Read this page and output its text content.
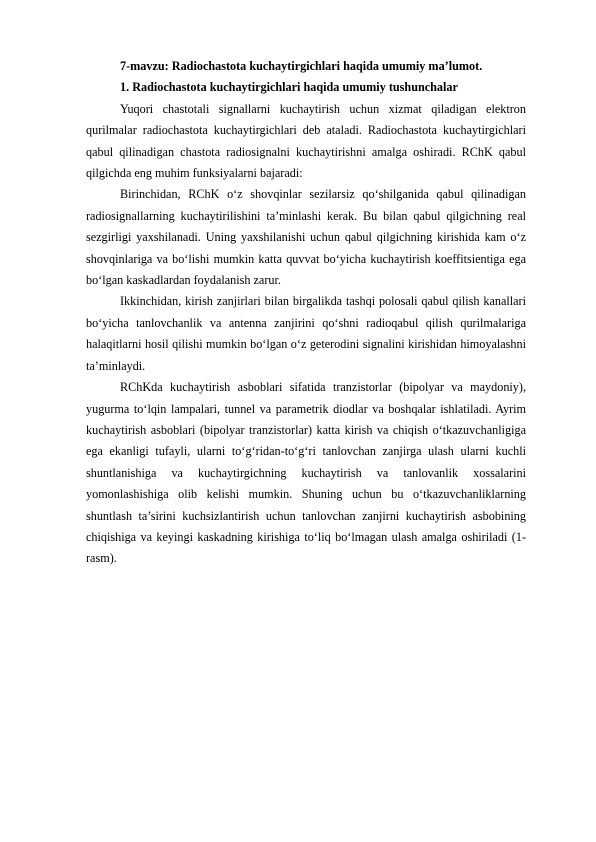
7-mavzu: Radiochastota kuchaytirgichlari haqida umumiy ma’lumot.

1. Radiochastota kuchaytirgichlari haqida umumiy tushunchalar

Yuqori chastotali signallarni kuchaytirish uchun xizmat qiladigan elektron qurilmalar radiochastota kuchaytirgichlari deb ataladi. Radiochastota kuchaytirgichlari qabul qilinadigan chastota radiosignalni kuchaytirishni amalga oshiradi. RChK qabul qilgichda eng muhim funksiyalarni bajaradi:

Birinchidan, RChK o‘z shovqinlar sezilarsiz qo‘shilganida qabul qilinadigan radiosignallarning kuchaytirilishini ta’minlashi kerak. Bu bilan qabul qilgichning real sezgirligi yaxshilanadi. Uning yaxshilanishi uchun qabul qilgichning kirishida kam o‘z shovqinlariga va bo‘lishi mumkin katta quvvat bo‘yicha kuchaytirish koeffitsientiga ega bo‘lgan kaskadlardan foydalanish zarur.

Ikkinchidan, kirish zanjirlari bilan birgalikda tashqi polosali qabul qilish kanallari bo‘yicha tanlovchanlik va antenna zanjirini qo‘shni radioqabul qilish qurilmalariga halaqitlarni hosil qilishi mumkin bo‘lgan o‘z geterodini signalini kirishidan himoyalashni ta’minlaydi.

RChKda kuchaytirish asboblari sifatida tranzistorlar (bipolyar va maydoniy), yugurma to‘lqin lampalari, tunnel va parametrik diodlar va boshqalar ishlatiladi. Ayrim kuchaytirish asboblari (bipolyar tranzistorlar) katta kirish va chiqish o‘tkazuvchanligiga ega ekanligi tufayli, ularni to‘g‘ridan-to‘g‘ri tanlovchan zanjirga ulash ularni kuchli shuntlanishiga va kuchaytirgichning kuchaytirish va tanlovanlik xossalarini yomonlashishiga olib kelishi mumkin. Shuning uchun bu o‘tkazuvchanliklarning shuntlash ta’sirini kuchsizlantirish uchun tanlovchan zanjirni kuchaytirish asbobining chiqishiga va keyingi kaskadning kirishiga to‘liq bo‘lmagan ulash amalga oshiriladi (1- rasm).
